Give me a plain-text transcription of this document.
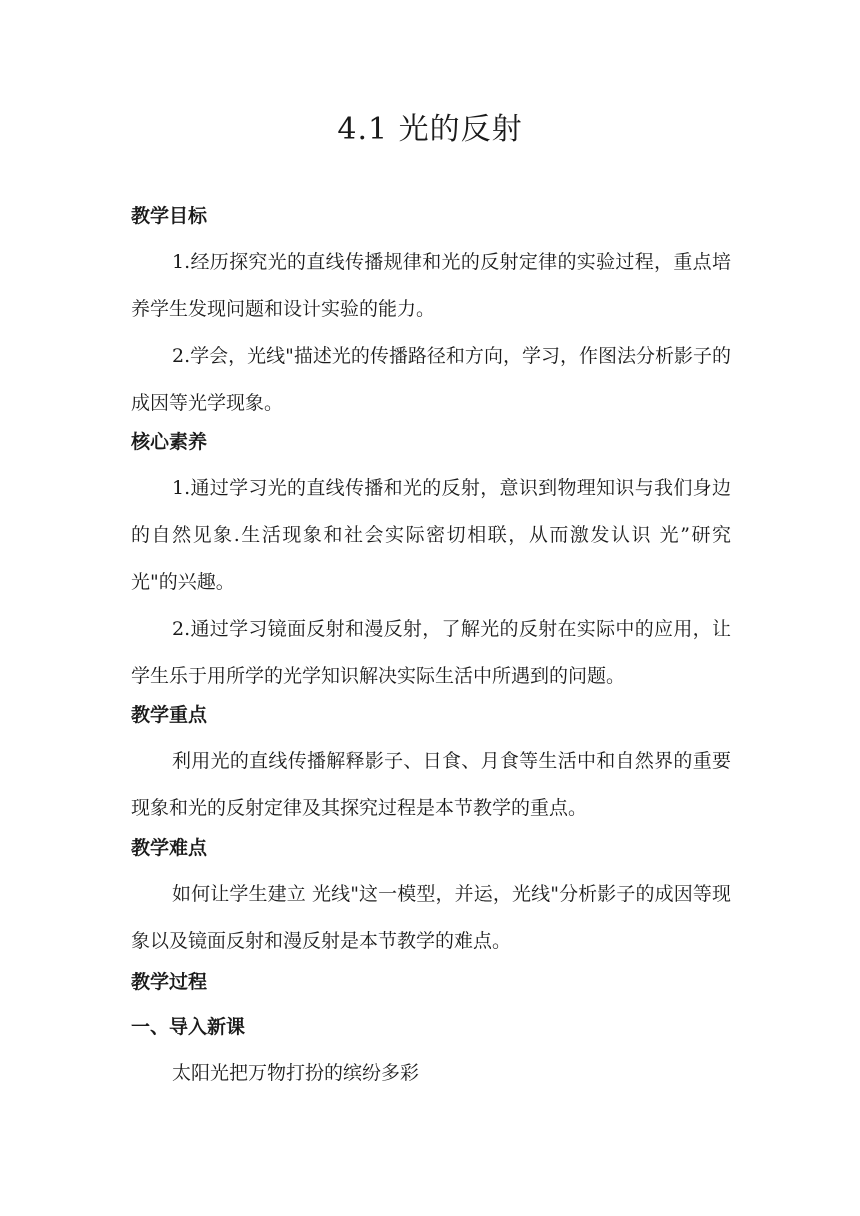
4.1 光的反射
教学目标
1.经历探究光的直线传播规律和光的反射定律的实验过程，重点培养学生发现问题和设计实验的能力。
2.学会，光线"描述光的传播路径和方向，学习，作图法分析影子的成因等光学现象。
核心素养
1.通过学习光的直线传播和光的反射，意识到物理知识与我们身边的自然见象.生活现象和社会实际密切相联，从而激发认识 光”研究 光"的兴趣。
2.通过学习镜面反射和漫反射，了解光的反射在实际中的应用，让学生乐于用所学的光学知识解决实际生活中所遇到的问题。
教学重点
利用光的直线传播解释影子、日食、月食等生活中和自然界的重要现象和光的反射定律及其探究过程是本节教学的重点。
教学难点
如何让学生建立 光线"这一模型，并运，光线"分析影子的成因等现象以及镜面反射和漫反射是本节教学的难点。
教学过程
一、导入新课
太阳光把万物打扮的缤纷多彩
